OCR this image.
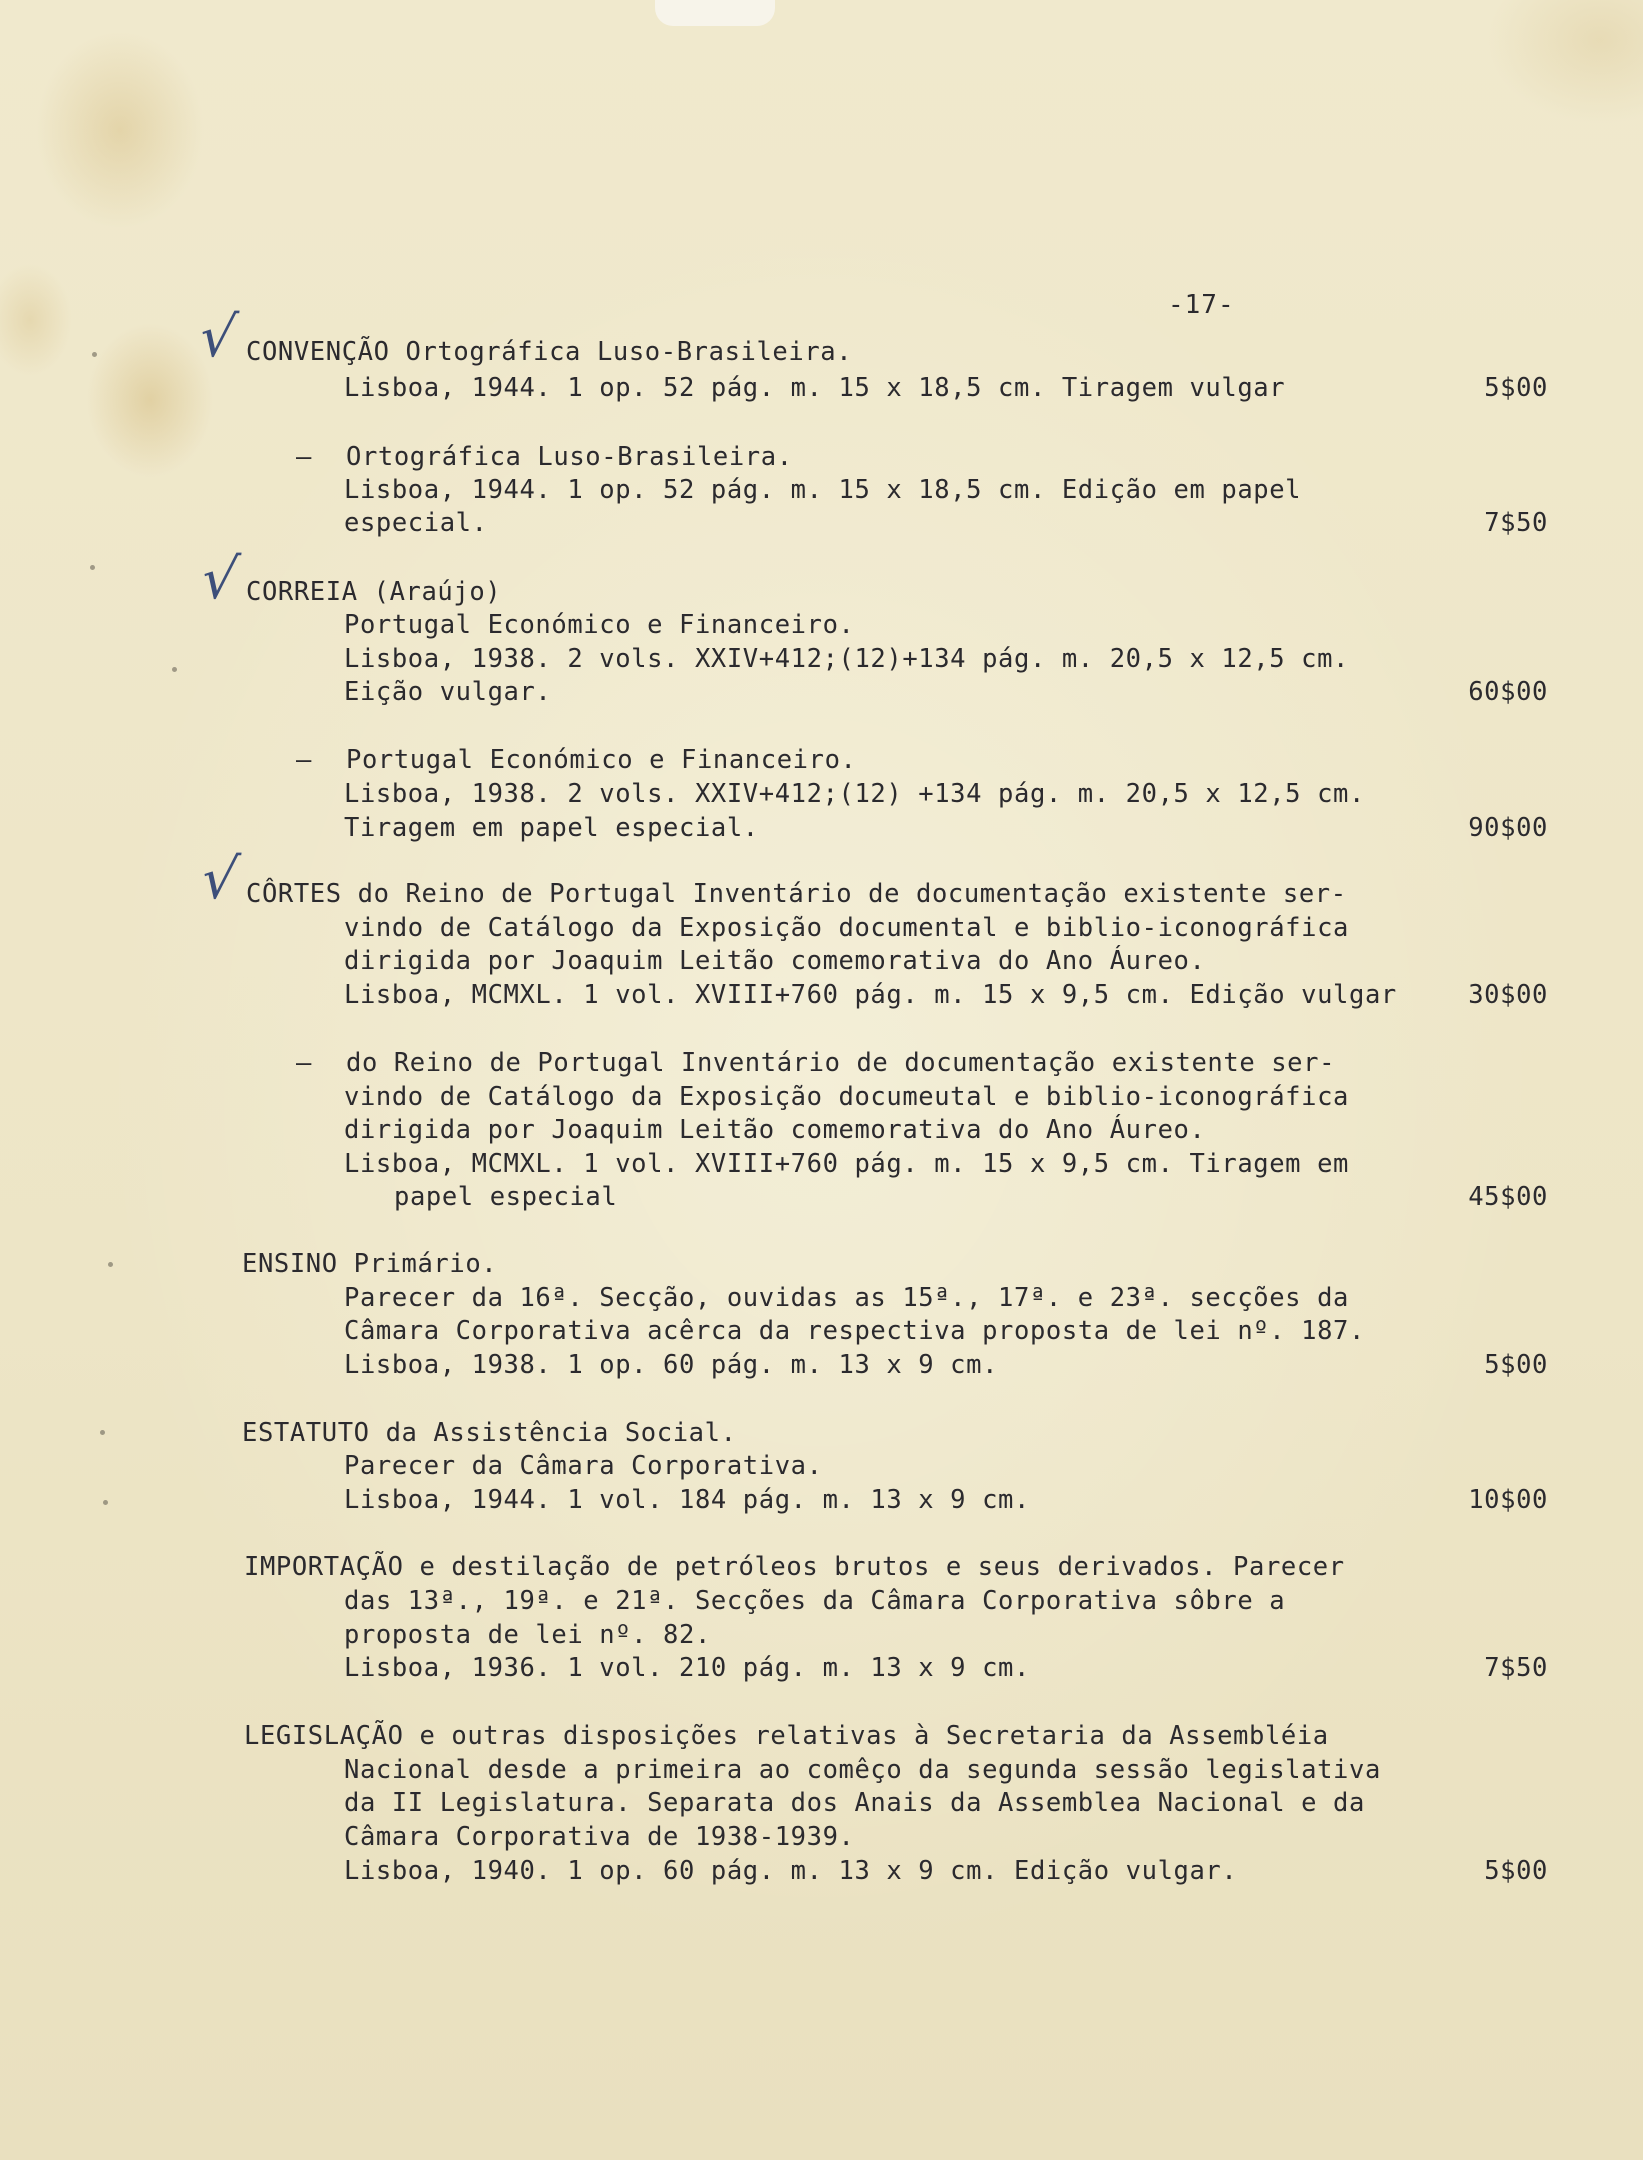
-17-
√ CONVENÇÃO Ortográfica Luso-Brasileira.
Lisboa, 1944. 1 op. 52 pág. m. 15 x 18,5 cm. Tiragem vulgar	5$00
– Ortográfica Luso-Brasileira.
Lisboa, 1944. 1 op. 52 pág. m. 15 x 18,5 cm. Edição em papel
especial.	7$50
√ CORREIA (Araújo)
Portugal Económico e Financeiro.
Lisboa, 1938. 2 vols. XXIV+412;(12)+134 pág. m. 20,5 x 12,5 cm.
Eição vulgar.	60$00
– Portugal Económico e Financeiro.
Lisboa, 1938. 2 vols. XXIV+412;(12) +134 pág. m. 20,5 x 12,5 cm.
Tiragem em papel especial.	90$00
√ CÔRTES do Reino de Portugal Inventário de documentação existente ser-
vindo de Catálogo da Exposição documental e biblio-iconográfica
dirigida por Joaquim Leitão comemorativa do Ano Áureo.
Lisboa, MCMXL. 1 vol. XVIII+760 pág. m. 15 x 9,5 cm. Edição vulgar	30$00
– do Reino de Portugal Inventário de documentação existente ser-
vindo de Catálogo da Exposição documeutal e biblio-iconográfica
dirigida por Joaquim Leitão comemorativa do Ano Áureo.
Lisboa, MCMXL. 1 vol. XVIII+760 pág. m. 15 x 9,5 cm. Tiragem em
papel especial	45$00
ENSINO Primário.
Parecer da 16ª. Secção, ouvidas as 15ª., 17ª. e 23ª. secções da
Câmara Corporativa acêrca da respectiva proposta de lei nº. 187.
Lisboa, 1938. 1 op. 60 pág. m. 13 x 9 cm.	5$00
ESTATUTO da Assistência Social.
Parecer da Câmara Corporativa.
Lisboa, 1944. 1 vol. 184 pág. m. 13 x 9 cm.	10$00
IMPORTAÇÃO e destilação de petróleos brutos e seus derivados. Parecer
das 13ª., 19ª. e 21ª. Secções da Câmara Corporativa sôbre a
proposta de lei nº. 82.
Lisboa, 1936. 1 vol. 210 pág. m. 13 x 9 cm.	7$50
LEGISLAÇÃO e outras disposições relativas à Secretaria da Assembléia
Nacional desde a primeira ao comêço da segunda sessão legislativa
da II Legislatura. Separata dos Anais da Assemblea Nacional e da
Câmara Corporativa de 1938-1939.
Lisboa, 1940. 1 op. 60 pág. m. 13 x 9 cm. Edição vulgar.	5$00
